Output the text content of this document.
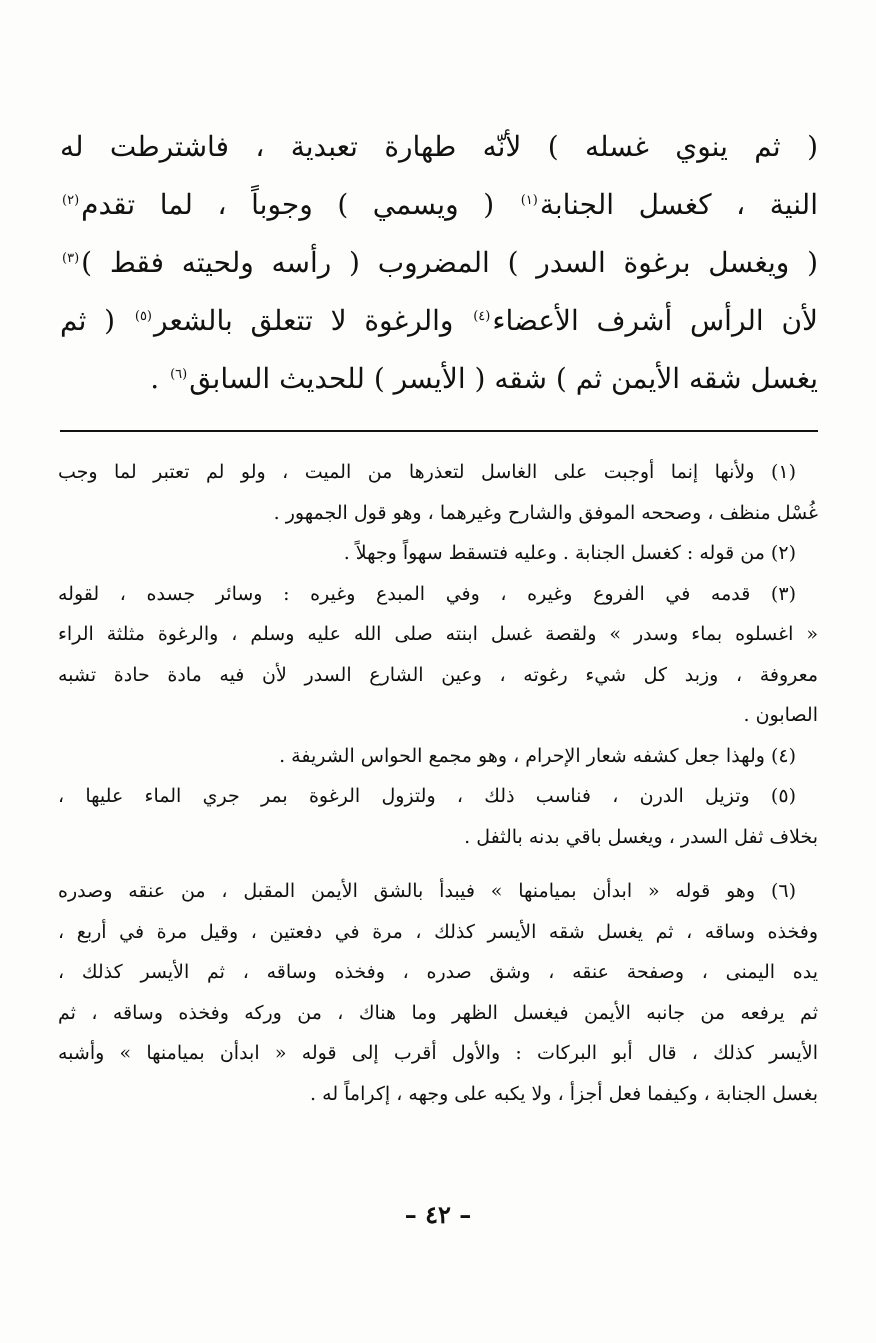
( ثم ينوي غسله ) لأنّه طهارة تعبدية ، فاشترطت له
النية ، كغسل الجنابة$^{(١)}$ ( ويسمي ) وجوباً ، لما تقدم$^{(٢)}$
( ويغسل برغوة السدر ) المضروب ( رأسه ولحيته فقط )$^{(٣)}$
لأن الرأس أشرف الأعضاء$^{(٤)}$ والرغوة لا تتعلق بالشعر$^{(٥)}$ ( ثم
يغسل شقه الأيمن ثم ) شقه ( الأيسر ) للحديث السابق$^{(٦)}$ .
(١) ولأنها إنما أوجبت على الغاسل لتعذرها من الميت ، ولو لم تعتبر لما وجب
غُسْل منظف ، وصححه الموفق والشارح وغيرهما ، وهو قول الجمهور .
(٢) من قوله : كغسل الجنابة . وعليه فتسقط سهواً وجهلاً .
(٣) قدمه في الفروع وغيره ، وفي المبدع وغيره : وسائر جسده ، لقوله
« اغسلوه بماء وسدر » ولقصة غسل ابنته صلى الله عليه وسلم ، والرغوة مثلثة الراء
معروفة ، وزبد كل شيء رغوته ، وعين الشارع السدر لأن فيه مادة حادة تشبه
الصابون .
(٤) ولهذا جعل كشفه شعار الإحرام ، وهو مجمع الحواس الشريفة .
(٥) وتزيل الدرن ، فناسب ذلك ، ولتزول الرغوة بمر جري الماء عليها ،
بخلاف ثفل السدر ، ويغسل باقي بدنه بالثفل .
(٦) وهو قوله « ابدأن بميامنها » فيبدأ بالشق الأيمن المقبل ، من عنقه وصدره
وفخذه وساقه ، ثم يغسل شقه الأيسر كذلك ، مرة في دفعتين ، وقيل مرة في أربع ،
يده اليمنى ، وصفحة عنقه ، وشق صدره ، وفخذه وساقه ، ثم الأيسر كذلك ،
ثم يرفعه من جانبه الأيمن فيغسل الظهر وما هناك ، من وركه وفخذه وساقه ، ثم
الأيسر كذلك ، قال أبو البركات : والأول أقرب إلى قوله « ابدأن بميامنها » وأشبه
بغسل الجنابة ، وكيفما فعل أجزأ ، ولا يكبه على وجهه ، إكراماً له .
– ٤٢ –
